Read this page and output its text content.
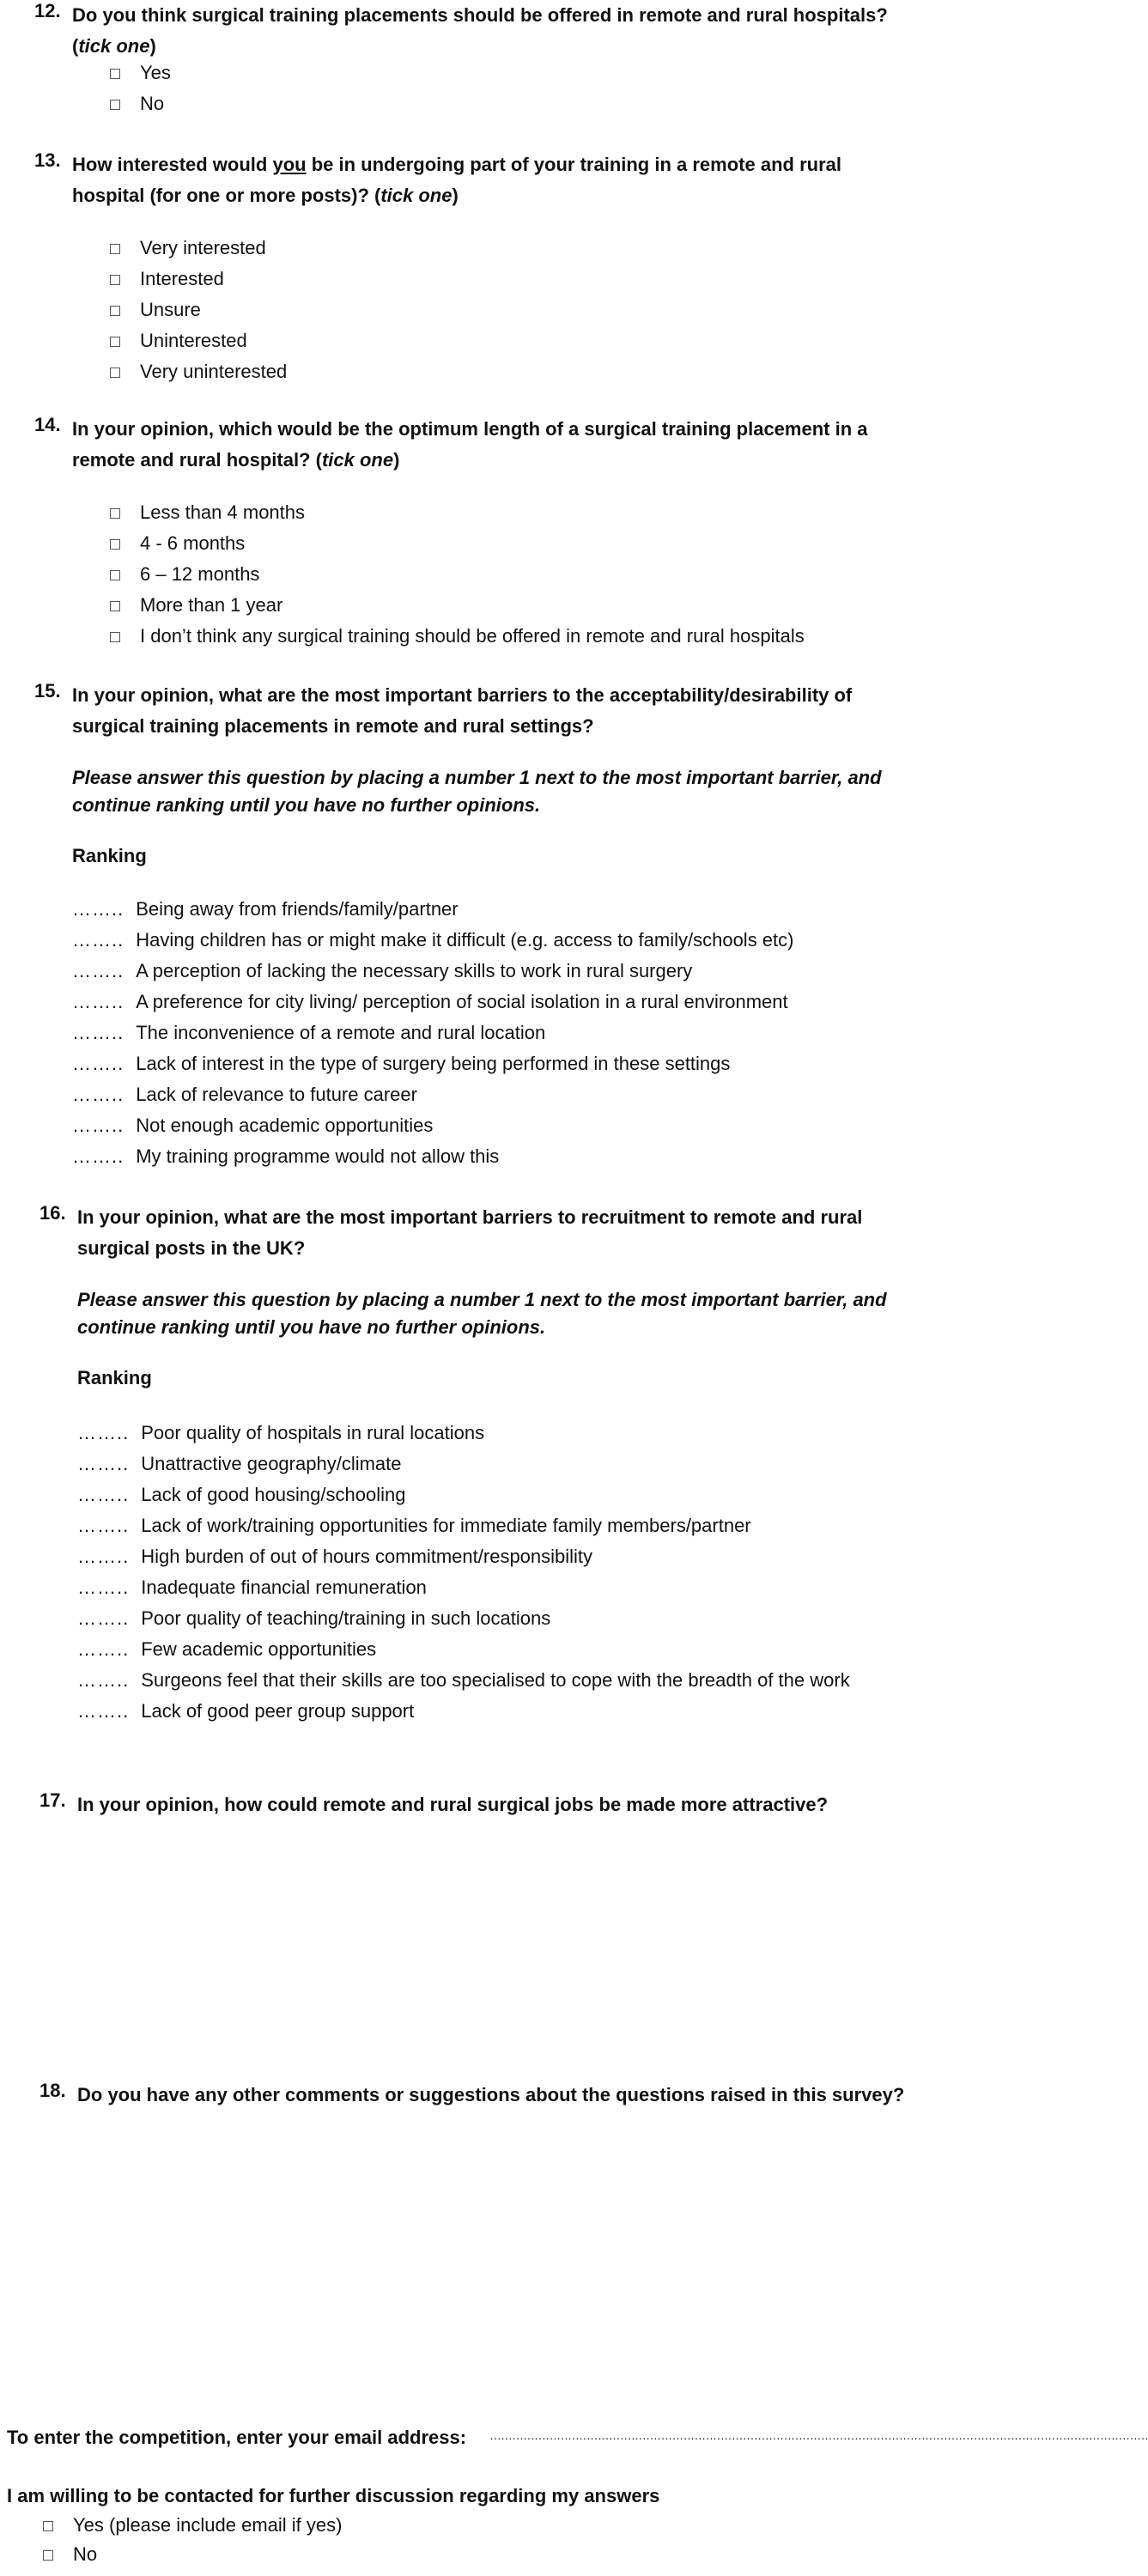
12. Do you think surgical training placements should be offered in remote and rural hospitals?
(tick one)
Yes
No
13. How interested would you be in undergoing part of your training in a remote and rural
hospital (for one or more posts)? (tick one)
Very interested
Interested
Unsure
Uninterested
Very uninterested
14. In your opinion, which would be the optimum length of a surgical training placement in a
remote and rural hospital? (tick one)
Less than 4 months
4 - 6 months
6 – 12 months
More than 1 year
I don’t think any surgical training should be offered in remote and rural hospitals
15. In your opinion, what are the most important barriers to the acceptability/desirability of
surgical training placements in remote and rural settings?
Please answer this question by placing a number 1 next to the most important barrier, and
continue ranking until you have no further opinions.
Ranking
…….. Being away from friends/family/partner
…….. Having children has or might make it difficult (e.g. access to family/schools etc)
…….. A perception of lacking the necessary skills to work in rural surgery
…….. A preference for city living/ perception of social isolation in a rural environment
…….. The inconvenience of a remote and rural location
…….. Lack of interest in the type of surgery being performed in these settings
…….. Lack of relevance to future career
…….. Not enough academic opportunities
…….. My training programme would not allow this
16. In your opinion, what are the most important barriers to recruitment to remote and rural
surgical posts in the UK?
Please answer this question by placing a number 1 next to the most important barrier, and
continue ranking until you have no further opinions.
Ranking
…….. Poor quality of hospitals in rural locations
…….. Unattractive geography/climate
…….. Lack of good housing/schooling
…….. Lack of work/training opportunities for immediate family members/partner
…….. High burden of out of hours commitment/responsibility
…….. Inadequate financial remuneration
…….. Poor quality of teaching/training in such locations
…….. Few academic opportunities
…….. Surgeons feel that their skills are too specialised to cope with the breadth of the work
…….. Lack of good peer group support
17. In your opinion, how could remote and rural surgical jobs be made more attractive?
18. Do you have any other comments or suggestions about the questions raised in this survey?
To enter the competition, enter your email address: ……………………………………………………………………………………………………………………………………………………………
I am willing to be contacted for further discussion regarding my answers
Yes (please include email if yes)
No
